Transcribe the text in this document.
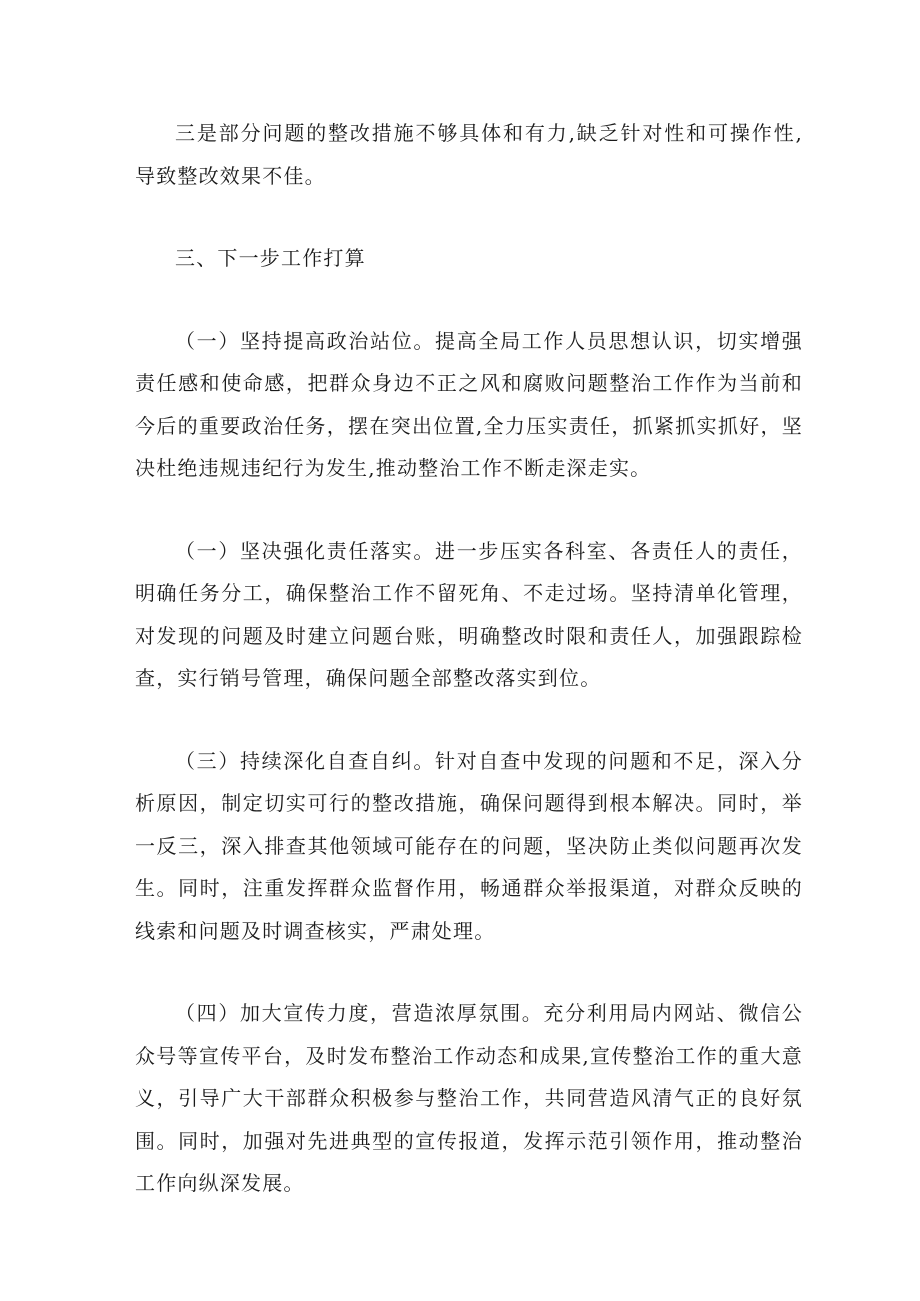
三是部分问题的整改措施不够具体和有力,缺乏针对性和可操作性,导致整改效果不佳。

三、下一步工作打算

（一）坚持提高政治站位。提高全局工作人员思想认识，切实增强责任感和使命感，把群众身边不正之风和腐败问题整治工作作为当前和今后的重要政治任务，摆在突出位置,全力压实责任，抓紧抓实抓好，坚决杜绝违规违纪行为发生,推动整治工作不断走深走实。

（一）坚决强化责任落实。进一步压实各科室、各责任人的责任，明确任务分工，确保整治工作不留死角、不走过场。坚持清单化管理，对发现的问题及时建立问题台账，明确整改时限和责任人，加强跟踪检查，实行销号管理，确保问题全部整改落实到位。

（三）持续深化自查自纠。针对自查中发现的问题和不足，深入分析原因，制定切实可行的整改措施，确保问题得到根本解决。同时，举一反三，深入排查其他领域可能存在的问题，坚决防止类似问题再次发生。同时，注重发挥群众监督作用，畅通群众举报渠道，对群众反映的线索和问题及时调查核实，严肃处理。

（四）加大宣传力度，营造浓厚氛围。充分利用局内网站、微信公众号等宣传平台，及时发布整治工作动态和成果,宣传整治工作的重大意义，引导广大干部群众积极参与整治工作，共同营造风清气正的良好氛围。同时，加强对先进典型的宣传报道，发挥示范引领作用，推动整治工作向纵深发展。
